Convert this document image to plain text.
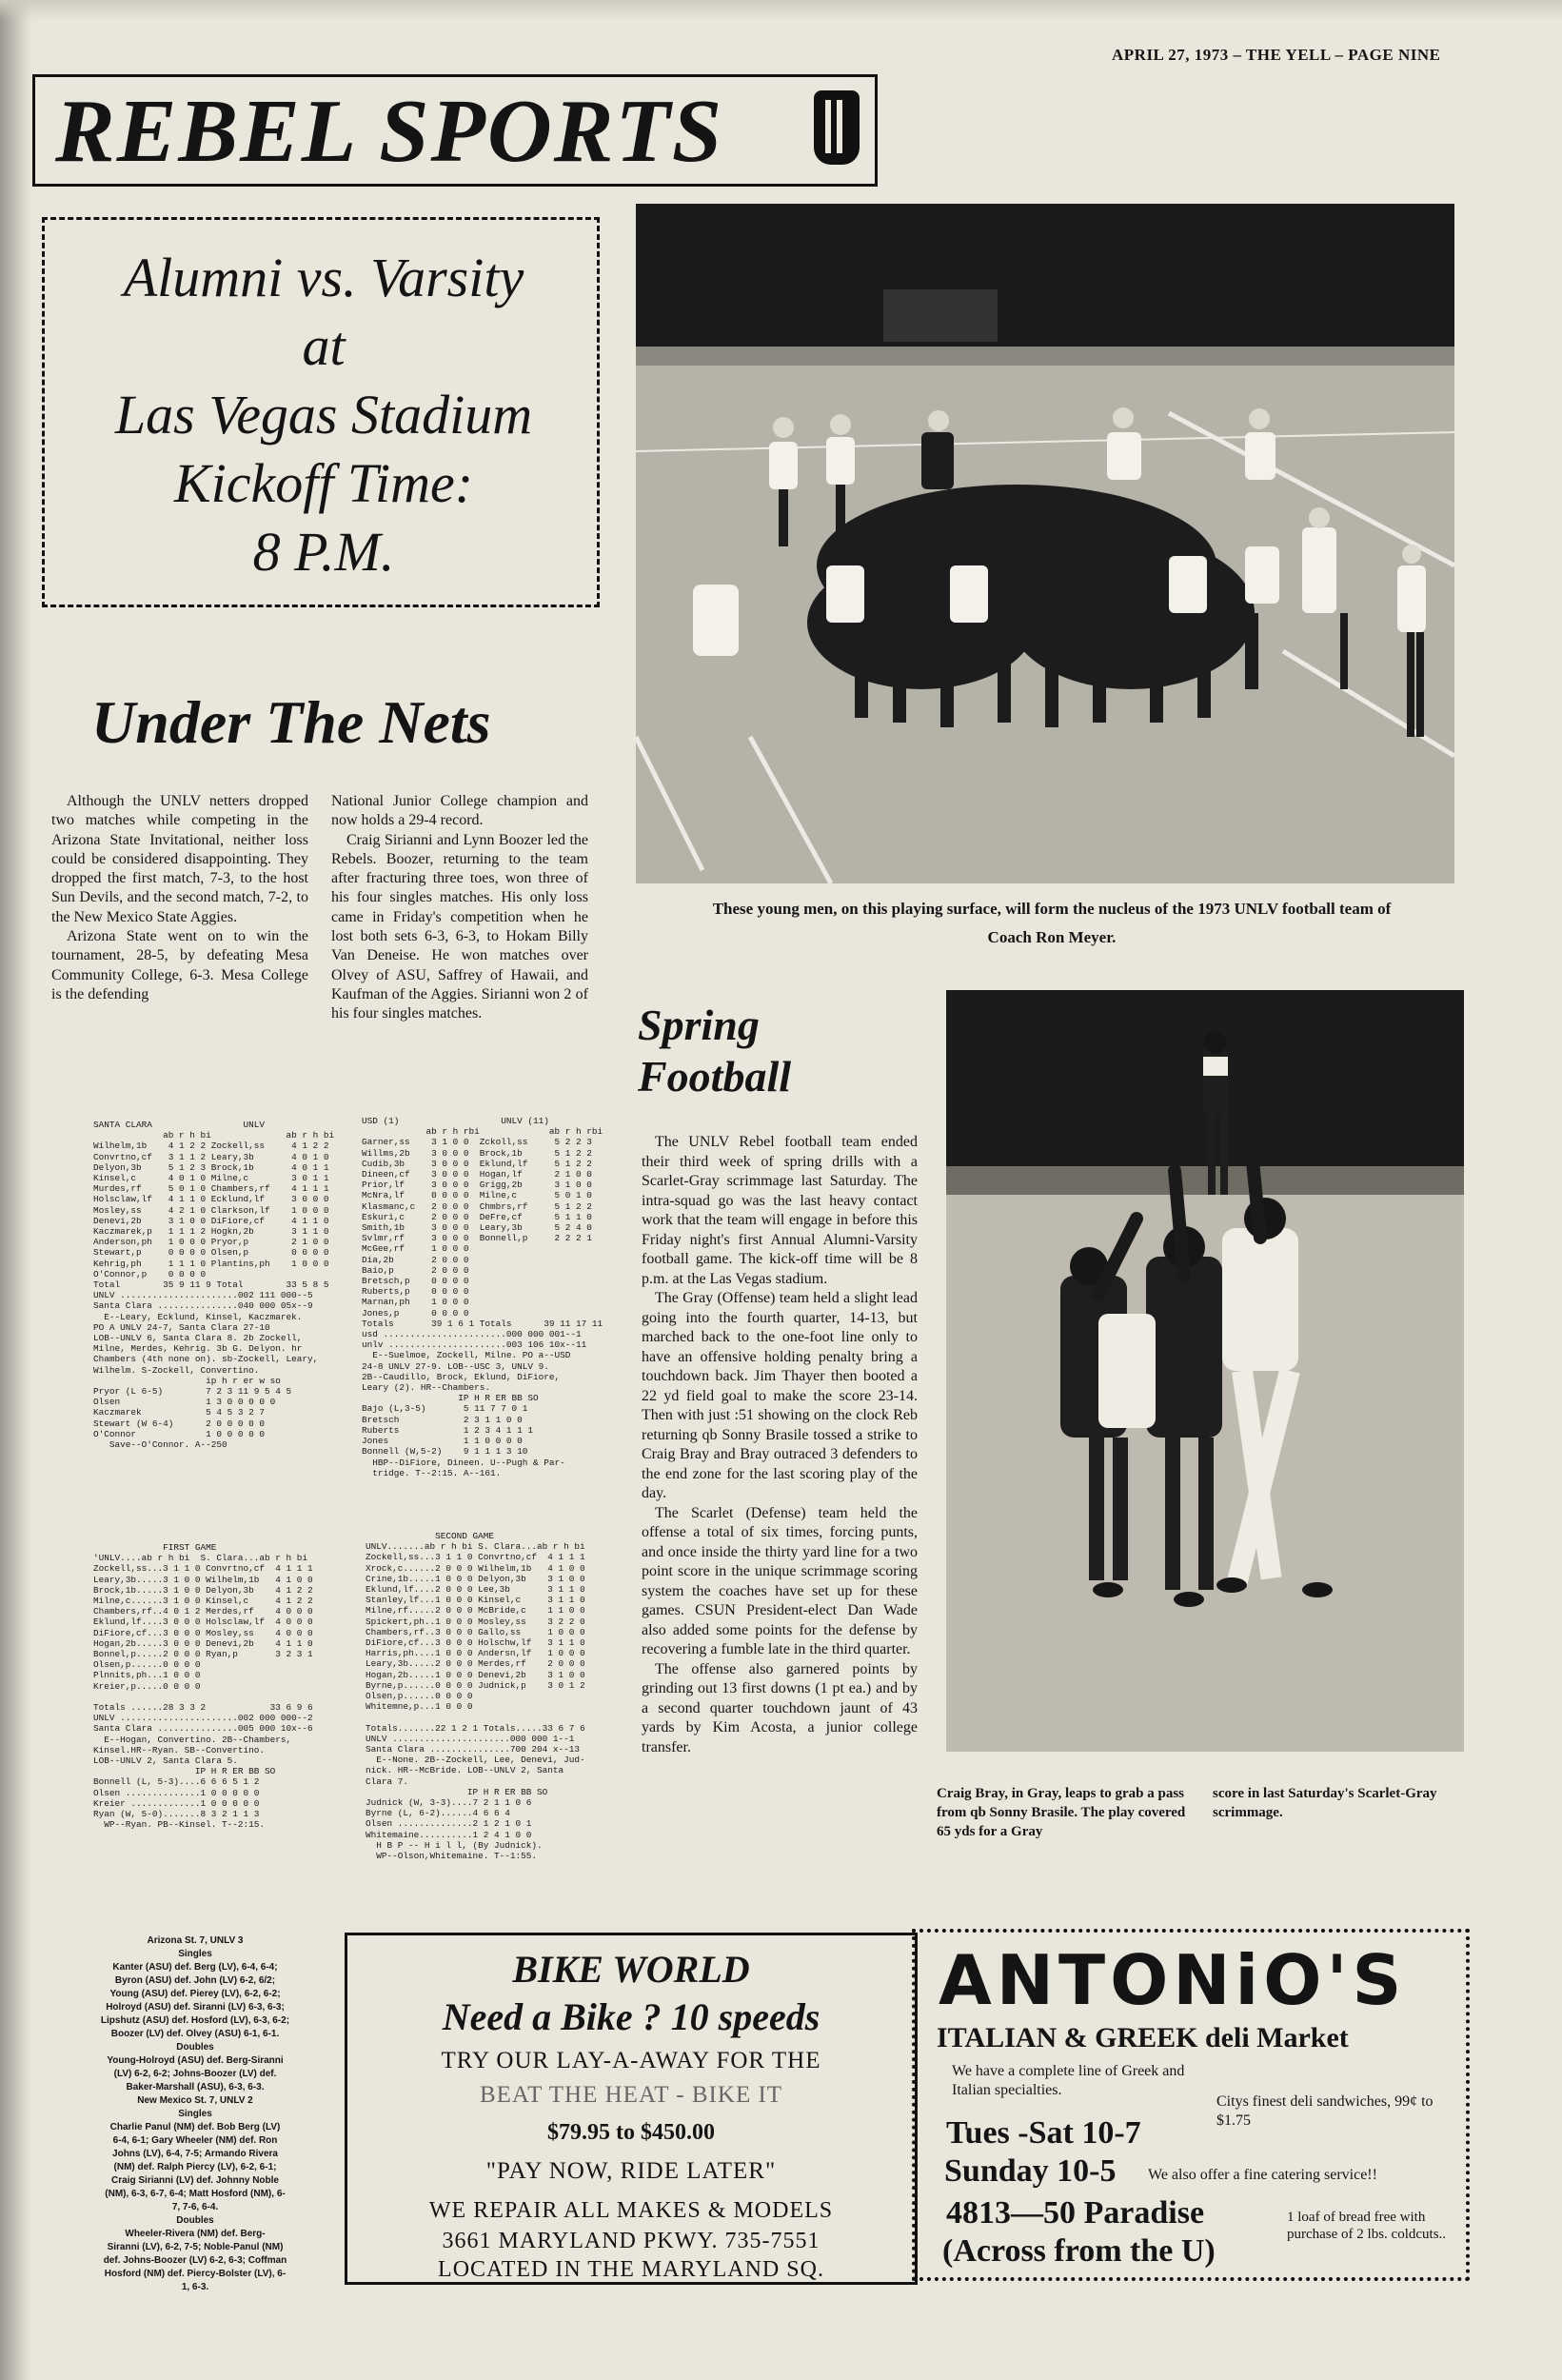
APRIL 27, 1973 – THE YELL – PAGE NINE
REBEL SPORTS
Alumni vs. Varsity
at
Las Vegas Stadium
Kickoff Time:
8 P.M.
These young men, on this playing surface, will form the nucleus of the 1973 UNLV football team of Coach Ron Meyer.
Under The Nets

Although the UNLV netters dropped two matches while competing in the Arizona State Invitational, neither loss could be considered disappointing. They dropped the first match, 7-3, to the host Sun Devils, and the second match, 7-2, to the New Mexico State Aggies.

Arizona State went on to win the tournament, 28-5, by defeating Mesa Community College, 6-3. Mesa College is the defending

National Junior College champion and now holds a 29-4 record.

Craig Sirianni and Lynn Boozer led the Rebels. Boozer, returning to the team after fracturing three toes, won three of his four singles matches. His only loss came in Friday's competition when he lost both sets 6-3, 6-3, to Hokam Billy Van Deneise. He won matches over Olvey of ASU, Saffrey of Hawaii, and Kaufman of the Aggies. Sirianni won 2 of his four singles matches.

SANTA CLARA                 UNLV
ab r h bi              ab r h bi
Wilhelm,1b    4 1 2 2 Zockell,ss     4 1 2 2
Convrtno,cf   3 1 1 2 Leary,3b       4 0 1 0
Delyon,3b     5 1 2 3 Brock,1b       4 0 1 1
Kinsel,c      4 0 1 0 Milne,c        3 0 1 1
Murdes,rf     5 0 1 0 Chambers,rf    4 1 1 1
Holsclaw,lf   4 1 1 0 Ecklund,lf     3 0 0 0
Mosley,ss     4 2 1 0 Clarkson,lf    1 0 0 0
Denevi,2b     3 1 0 0 DiFiore,cf     4 1 1 0
Kaczmarek,p   1 1 1 2 Hogkn,2b       3 1 1 0
Anderson,ph   1 0 0 0 Pryor,p        2 1 0 0
Stewart,p     0 0 0 0 Olsen,p        0 0 0 0
Kehrig,ph     1 1 1 0 Plantins,ph    1 0 0 0
O'Connor,p    0 0 0 0
Total        35 9 11 9 Total        33 5 8 5
UNLV ......................002 111 000--5
Santa Clara ...............040 000 05x--9
E--Leary, Ecklund, Kinsel, Kaczmarek.
PO A UNLV 24-7, Santa Clara 27-10
LOB--UNLV 6, Santa Clara 8. 2b Zockell,
Milne, Merdes, Kehrig. 3b G. Delyon. hr
Chambers (4th none on). sb-Zockell, Leary,
Wilhelm. S-Zockell, Convertino.
ip h r er w so
Pryor (L 6-5)        7 2 3 11 9 5 4 5
Olsen                1 3 0 0 0 0 0
Kaczmarek            5 4 5 3 2 7
Stewart (W 6-4)      2 0 0 0 0 0
O'Connor             1 0 0 0 0 0
Save--O'Connor. A--250
USD (1)                   UNLV (11)
ab r h rbi             ab r h rbi
Garner,ss    3 1 0 0  Zckoll,ss     5 2 2 3
Willms,2b    3 0 0 0  Brock,1b      5 1 2 2
Cudib,3b     3 0 0 0  Eklund,lf     5 1 2 2
Dineen,cf    3 0 0 0  Hogan,lf      2 1 0 0
Prior,lf     3 0 0 0  Grigg,2b      3 1 0 0
McNra,lf     0 0 0 0  Milne,c       5 0 1 0
Klasmanc,c   2 0 0 0  Chmbrs,rf     5 1 2 2
Eskuri,c     2 0 0 0  DeFre,cf      5 1 1 0
Smith,1b     3 0 0 0  Leary,3b      5 2 4 0
Svlmr,rf     3 0 0 0  Bonnell,p     2 2 2 1
McGee,rf     1 0 0 0
Dia,2b       2 0 0 0
Baio,p       2 0 0 0
Bretsch,p    0 0 0 0
Ruberts,p    0 0 0 0
Marnan,ph    1 0 0 0
Jones,p      0 0 0 0
Totals       39 1 6 1 Totals      39 11 17 11
usd .......................000 000 001--1
unlv ......................003 106 10x--11
E--Suelmoe, Zockell, Milne. PO a--USD
24-8 UNLV 27-9. LOB--USC 3, UNLV 9.
2B--Caudillo, Brock, Eklund, DiFiore,
Leary (2). HR--Chambers.
IP H R ER BB SO
Bajo (L,3-5)       5 11 7 7 0 1
Bretsch            2 3 1 1 0 0
Ruberts            1 2 3 4 1 1 1
Jones              1 1 0 0 0 0
Bonnell (W,5-2)    9 1 1 1 3 10
HBP--DiFiore, Dineen. U--Pugh & Par-
tridge. T--2:15. A--161.
FIRST GAME
'UNLV....ab r h bi  S. Clara...ab r h bi
Zockell,ss...3 1 1 0 Convrtno,cf  4 1 1 1
Leary,3b.....3 1 0 0 Wilhelm,1b   4 1 0 0
Brock,1b.....3 1 0 0 Delyon,3b    4 1 2 2
Milne,c......3 1 0 0 Kinsel,c     4 1 2 2
Chambers,rf..4 0 1 2 Merdes,rf    4 0 0 0
Eklund,lf....3 0 0 0 Holsclaw,lf  4 0 0 0
DiFiore,cf...3 0 0 0 Mosley,ss    4 0 0 0
Hogan,2b.....3 0 0 0 Denevi,2b    4 1 1 0
Bonnel,p.....2 0 0 0 Ryan,p       3 2 3 1
Olsen,p......0 0 0 0
Plnnits,ph...1 0 0 0
Kreier,p.....0 0 0 0

Totals ......28 3 3 2            33 6 9 6
UNLV ......................002 000 000--2
Santa Clara ...............005 000 10x--6
E--Hogan, Convertino. 2B--Chambers,
Kinsel.HR--Ryan. SB--Convertino.
LOB--UNLV 2, Santa Clara 5.
IP H R ER BB SO
Bonnell (L, 5-3)....6 6 6 5 1 2
Olsen ..............1 0 0 0 0 0
Kreier .............1 0 0 0 0 0
Ryan (W, 5-0).......8 3 2 1 1 3
WP--Ryan. PB--Kinsel. T--2:15.
SECOND GAME
UNLV.......ab r h bi S. Clara...ab r h bi
Zockell,ss...3 1 1 0 Convrtno,cf  4 1 1 1
Xrock,c......2 0 0 0 Wilhelm,1b   4 1 0 0
Crine,1b.....1 0 0 0 Delyon,3b    3 1 0 0
Eklund,lf....2 0 0 0 Lee,3b       3 1 1 0
Stanley,lf...1 0 0 0 Kinsel,c     3 1 1 0
Milne,rf.....2 0 0 0 McBride,c    1 1 0 0
Spickert,ph..1 0 0 0 Mosley,ss    3 2 2 0
Chambers,rf..3 0 0 0 Gallo,ss     1 0 0 0
DiFiore,cf...3 0 0 0 Holschw,lf   3 1 1 0
Harris,ph....1 0 0 0 Andersn,lf   1 0 0 0
Leary,3b.....2 0 0 0 Merdes,rf    2 0 0 0
Hogan,2b.....1 0 0 0 Denevi,2b    3 1 0 0
Byrne,p......0 0 0 0 Judnick,p    3 0 1 2
Olsen,p......0 0 0 0
Whitemne,p...1 0 0 0

Totals.......22 1 2 1 Totals.....33 6 7 6
UNLV ......................000 000 1--1
Santa Clara ...............700 204 x--13
E--None. 2B--Zockell, Lee, Denevi, Jud-
nick. HR--McBride. LOB--UNLV 2, Santa
Clara 7.
IP H R ER BB SO
Judnick (W, 3-3)....7 2 1 1 0 6
Byrne (L, 6-2)......4 6 6 4
Olsen ..............2 1 2 1 0 1
Whitemaine..........1 2 4 1 0 0
H B P -- H i l l, (By Judnick).
WP--Olson,Whitemaine. T--1:55.
Arizona St. 7, UNLV 3
Singles
Kanter (ASU) def. Berg (LV), 6-4, 6-4;
Byron (ASU) def. John (LV) 6-2, 6/2;
Young (ASU) def. Pierey (LV), 6-2, 6-2;
Holroyd (ASU) def. Siranni (LV) 6-3, 6-3;
Lipshutz (ASU) def. Hosford (LV), 6-3, 6-2;
Boozer (LV) def. Olvey (ASU) 6-1, 6-1.
Doubles
Young-Holroyd (ASU) def. Berg-Siranni
(LV) 6-2, 6-2; Johns-Boozer (LV) def.
Baker-Marshall (ASU), 6-3, 6-3.
New Mexico St. 7, UNLV 2
Singles
Charlie Panul (NM) def. Bob Berg (LV)
6-4, 6-1; Gary Wheeler (NM) def. Ron
Johns (LV), 6-4, 7-5; Armando Rivera
(NM) def. Ralph Piercy (LV), 6-2, 6-1;
Craig Sirianni (LV) def. Johnny Noble
(NM), 6-3, 6-7, 6-4; Matt Hosford (NM), 6-
7, 7-6, 6-4.
Doubles
Wheeler-Rivera (NM) def. Berg-
Siranni (LV), 6-2, 7-5; Noble-Panul (NM)
def. Johns-Boozer (LV) 6-2, 6-3; Coffman
Hosford (NM) def. Piercy-Bolster (LV), 6-
1, 6-3.
Spring
Football

The UNLV Rebel football team ended their third week of spring drills with a Scarlet-Gray scrimmage last Saturday. The intra-squad go was the last heavy contact work that the team will engage in before this Friday night's first Annual Alumni-Varsity football game. The kick-off time will be 8 p.m. at the Las Vegas stadium.

The Gray (Offense) team held a slight lead going into the fourth quarter, 14-13, but marched back to the one-foot line only to have an offensive holding penalty bring a touchdown back. Jim Thayer then booted a 22 yd field goal to make the score 23-14. Then with just :51 showing on the clock Reb returning qb Sonny Brasile tossed a strike to Craig Bray and Bray outraced 3 defenders to the end zone for the last scoring play of the day.

The Scarlet (Defense) team held the offense a total of six times, forcing punts, and once inside the thirty yard line for a two point score in the unique scrimmage scoring system the coaches have set up for these games. CSUN President-elect Dan Wade also added some points for the defense by recovering a fumble late in the third quarter.

The offense also garnered points by grinding out 13 first downs (1 pt ea.) and by a second quarter touchdown jaunt of 43 yards by Kim Acosta, a junior college transfer.

Craig Bray, in Gray, leaps to grab a pass from qb Sonny Brasile. The play covered 65 yds for a Gray
score in last Saturday's Scarlet-Gray scrimmage.
BIKE WORLD
Need a Bike ? 10 speeds
TRY OUR LAY-A-AWAY FOR THE
BEAT THE HEAT - BIKE IT
$79.95 to $450.00
"PAY NOW, RIDE LATER"
WE REPAIR ALL MAKES & MODELS
3661 MARYLAND PKWY. 735-7551
LOCATED IN THE MARYLAND SQ.
ANTONiO'S
ITALIAN & GREEK deli Market
We have a complete line of Greek and Italian specialties.
Citys finest deli sandwiches, 99¢ to $1.75
Tues -Sat 10-7
Sunday 10-5 We also offer a fine catering service!!
4813—50 Paradise
(Across from the U)
1 loaf of bread free with purchase of 2 lbs. coldcuts..
